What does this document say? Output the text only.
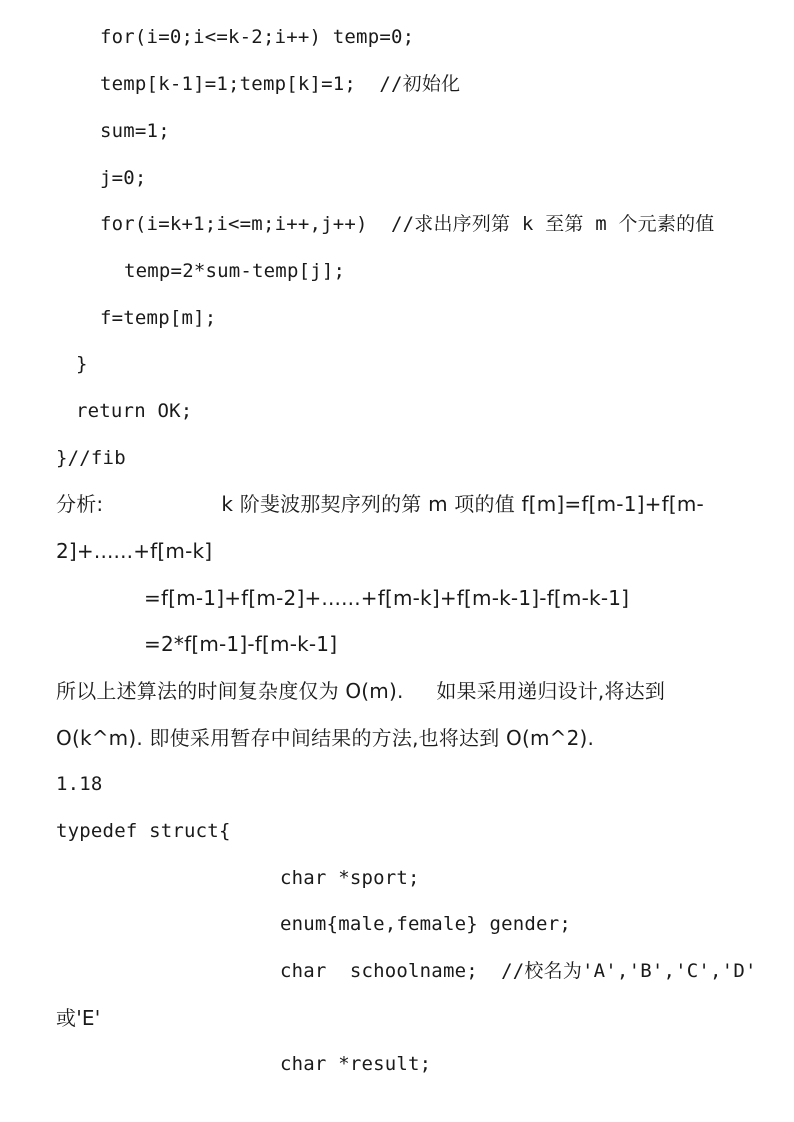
for(i=0;i<=k-2;i++) temp=0;
temp[k-1]=1;temp[k]=1;  //初始化
sum=1;
j=0;
for(i=k+1;i<=m;i++,j++)  //求出序列第 k 至第 m 个元素的值
temp=2*sum-temp[j];
f=temp[m];
}
return OK;
}//fib
分析:                  k 阶斐波那契序列的第 m 项的值 f[m]=f[m-1]+f[m-
2]+......+f[m-k]
=f[m-1]+f[m-2]+......+f[m-k]+f[m-k-1]-f[m-k-1]
=2*f[m-1]-f[m-k-1]
所以上述算法的时间复杂度仅为 O(m).     如果采用递归设计,将达到
O(k^m). 即使采用暂存中间结果的方法,也将达到 O(m^2).
1.18
typedef struct{
char *sport;
enum{male,female} gender;
char  schoolname;  //校名为'A','B','C','D'
或'E'
char *result;
